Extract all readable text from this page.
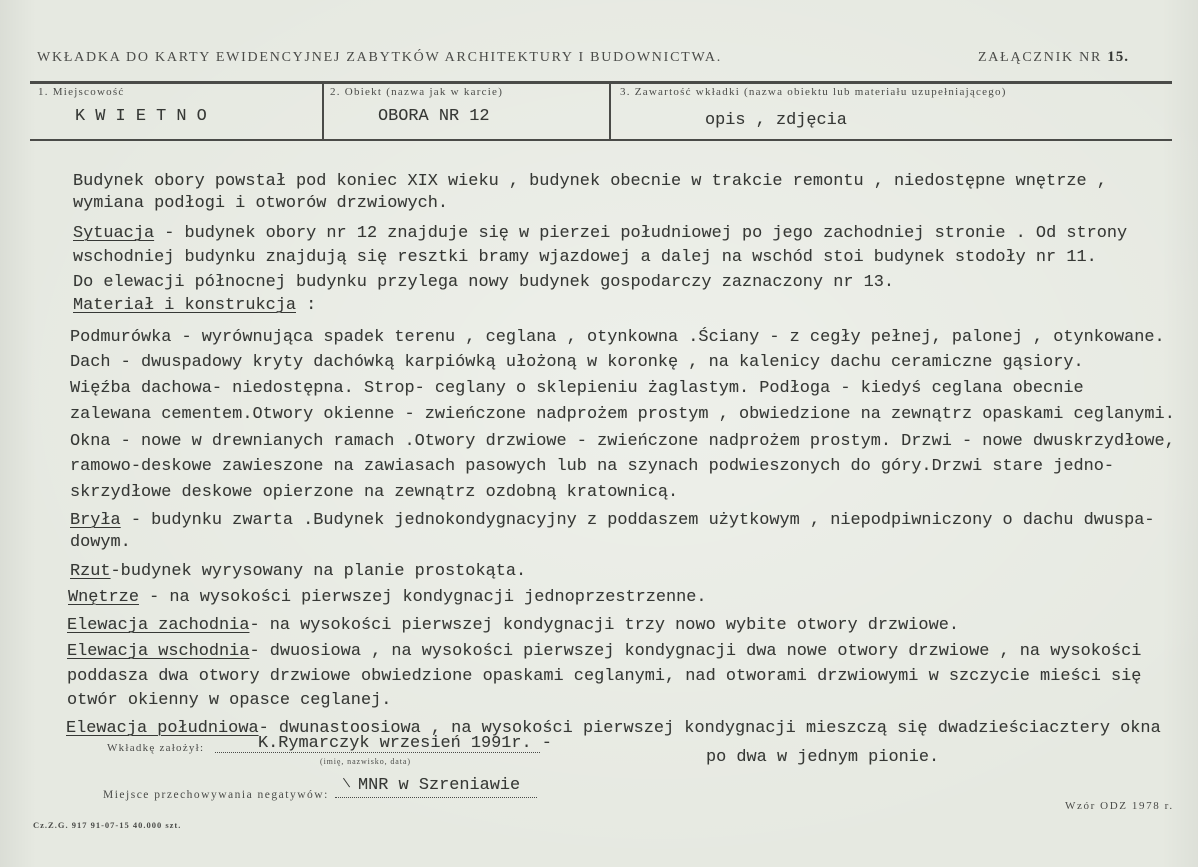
WKŁADKA DO KARTY EWIDENCYJNEJ ZABYTKÓW ARCHITEKTURY I BUDOWNICTWA.	ZAŁĄCZNIK NR 15.
1. Miejscowość
K W I E T N O
2. Obiekt (nazwa jak w karcie)
OBORA NR 12
3. Zawartość wkładki (nazwa obiektu lub materiału uzupełniającego)
opis , zdjęcia
Budynek obory powstał pod koniec XIX wieku , budynek obecnie w trakcie remontu , niedostępne wnętrze ,
wymiana podłogi i otworów drzwiowych.
Sytuacja - budynek obory nr 12 znajduje się w pierzei południowej po jego zachodniej stronie . Od strony
wschodniej budynku znajdują się resztki bramy wjazdowej a dalej na wschód stoi budynek stodoły nr 11.
Do elewacji północnej budynku przylega nowy budynek gospodarczy zaznaczony nr 13.
Materiał i konstrukcja :
Podmurówka - wyrównująca spadek terenu , ceglana , otynkowna .Ściany - z cegły pełnej, palonej , otynkowane.
Dach - dwuspadowy kryty dachówką karpiówką ułożoną w koronkę , na kalenicy dachu ceramiczne gąsiory.
Więźba dachowa- niedostępna. Strop- ceglany o sklepieniu żaglastym. Podłoga - kiedyś ceglana obecnie
zalewana cementem.Otwory okienne - zwieńczone nadprożem prostym , obwiedzione na zewnątrz opaskami ceglanymi.
Okna - nowe w drewnianych ramach .Otwory drzwiowe - zwieńczone nadprożem prostym. Drzwi - nowe dwuskrzydłowe,
ramowo-deskowe zawieszone na zawiasach pasowych lub na szynach podwieszonych do góry.Drzwi stare jedno-
skrzydłowe deskowe opierzone na zewnątrz ozdobną kratownicą.
Bryła - budynku zwarta .Budynek jednokondygnacyjny z poddaszem użytkowym , niepodpiwniczony o dachu dwuspa-
dowym.
Rzut-budynek wyrysowany na planie prostokąta.
Wnętrze - na wysokości pierwszej kondygnacji jednoprzestrzenne.
Elewacja zachodnia- na wysokości pierwszej kondygnacji trzy nowo wybite otwory drzwiowe.
Elewacja wschodnia- dwuosiowa , na wysokości pierwszej kondygnacji dwa nowe otwory drzwiowe , na wysokości
poddasza dwa otwory drzwiowe obwiedzione opaskami ceglanymi, nad otworami drzwiowymi w szczycie mieści się
otwór okienny w opasce ceglanej.
Elewacja południowa- dwunastoosiowa , na wysokości pierwszej kondygnacji mieszczą się dwadzieściacztery okna
po dwa w jednym pionie.
Wkładkę założył:	K.Rymarczyk wrzesień 1991r. -
(imię, nazwisko, data)
Miejsce przechowywania negatywów: MNR w Szreniawie
Wzór ODZ 1978 r.
Cz.Z.G. 917 91-07-15 40.000 szt.
